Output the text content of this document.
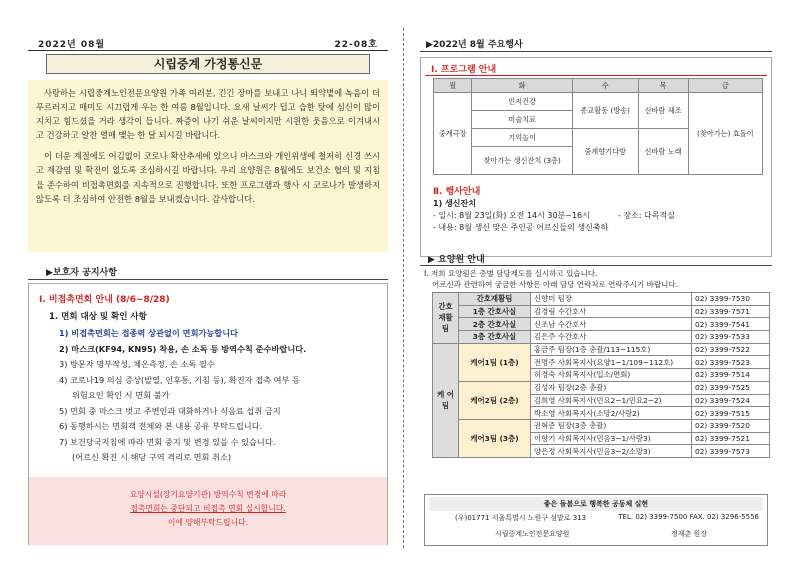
2022년 08월	22-08호
시립중계 가정통신문

사랑하는 시립중계노인전문요양원 가족 여러분, 긴긴 장마를 보내고 나니 뙤약볕에 녹음이 더 푸르러지고 매미도 시끄럽게 우는 한 여름 8월입니다. 요새 날씨가 덥고 습한 탓에 심신이 많이 지치고 힘드셨을 거라 생각이 듭니다. 짜증이 나기 쉬운 날씨이지만 시원한 웃음으로 이겨내시고 건강하고 알찬 열매 맺는 한 달 되시길 바랍니다.

이 더운 계절에도 어김없이 코로나 확산추세에 있으니 마스크와 개인위생에 철저히 신경 쓰시고 재감염 및 확진이 없도록 조심하시길 바랍니다. 우리 요양원은 8월에도 보건소 협의 및 지침을 준수하여 비접촉면회를 지속적으로 진행합니다. 또한 프로그램과 행사 시 코로나가 발생하지 않도록 더 조심하여 안전한 8월을 보내겠습니다. 감사합니다.

▶보호자 공지사항
Ⅰ. 비접촉면회 안내 (8/6~8/28)
1. 면회 대상 및 확인 사항
1) 비접촉면회는 접종력 상관없이 면회가능합니다
2) 마스크(KF94, KN95) 착용, 손 소독 등 방역수칙 준수바랍니다.
3) 방문자 명부작성, 체온측정, 손 소독 필수
4) 코로나19 의심 증상(발열, 인후통, 기침 등), 확진자 접촉 여부 등
위험요인 확인 시 면회 불가
5) 면회 중 마스크 벗고 주변인과 대화하거나 식음료 섭취 금지
6) 동행하시는 면회객 전체와 본 내용 공유 부탁드립니다.
7) 보건당국지침에 따라 면회 중지 및 변경 있을 수 있습니다.
(어르신 확진 시 해당 구역 격리로 면회 취소)
요양시설(장기요양기관) 방역수칙 변경에 따라
접촉면회는 중단되고 비접촉 면회 실시합니다.
이에 양해부탁드립니다.
▶2022년 8월 주요행사
Ⅰ. 프로그램 안내
월	화	수	목	금
중계극장	인지건강	종교활동 (방송)	신바람 체조	(찾아가는) 효돌이
	미술치료			
	기억놀이	중계향기다방	신바람 노래	
	찾아가는 생신잔치 (3층)			
Ⅱ. 행사안내
1) 생신잔치
- 일시: 8월 23일(화) 오전 14시 30분~16시	- 장소: 다목적실
- 내용: 8월 생신 맞은 주인공 어르신들의 생신축하
▶ 요양원 안내
Ⅰ. 저희 요양원은 층별 담당제도를 실시하고 있습니다.
어르신과 관련하여 궁금한 사항은 아래 담당 연락처로 연락주시기 바랍니다.
간호 재활 팀	간호재활팀	신향미 팀장	02) 3399-7530
	1층 간호사실	김경림 수간호사	02) 3399-7571
	2층 간호사실	신조남 수간호사	02) 3399-7541
	3층 간호사실	김은주 수간호사	02) 3399-7533
케 어 팀	케어1팀 (1층)	홍금주 팀장(1층 총괄/113~115호)	02) 3399-7522
		전명주 사회복지사(요양1~1/109~112호)	02) 3399-7523
		허경숙 사회복지사(입소/면회)	02) 3399-7514
	케어2팀 (2층)	김성자 팀장(2층 총괄)	02) 3399-7525
		김희영 사회복지사(민요2~1/민요2~2)	02) 3399-7524
		박소영 사회복지사(소망2/사랑2)	02) 3399-7515
	케어3팀 (3층)	권혁준 팀장(3층 총괄)	02) 3399-7520
		이향기 사회복지사(민음3~1/사랑3)	02) 3399-7521
		양은정 사회복지사(민음3~2/소망3)	02) 3399-7573
좋은 돌봄으로 행복한 공동체 실현
(우)01771 서울특별시 노원구 섬밭로 313	TEL. 02) 3399-7500 FAX. 02) 3296-5556
시립중계노인전문요양원	정재춘 원장
